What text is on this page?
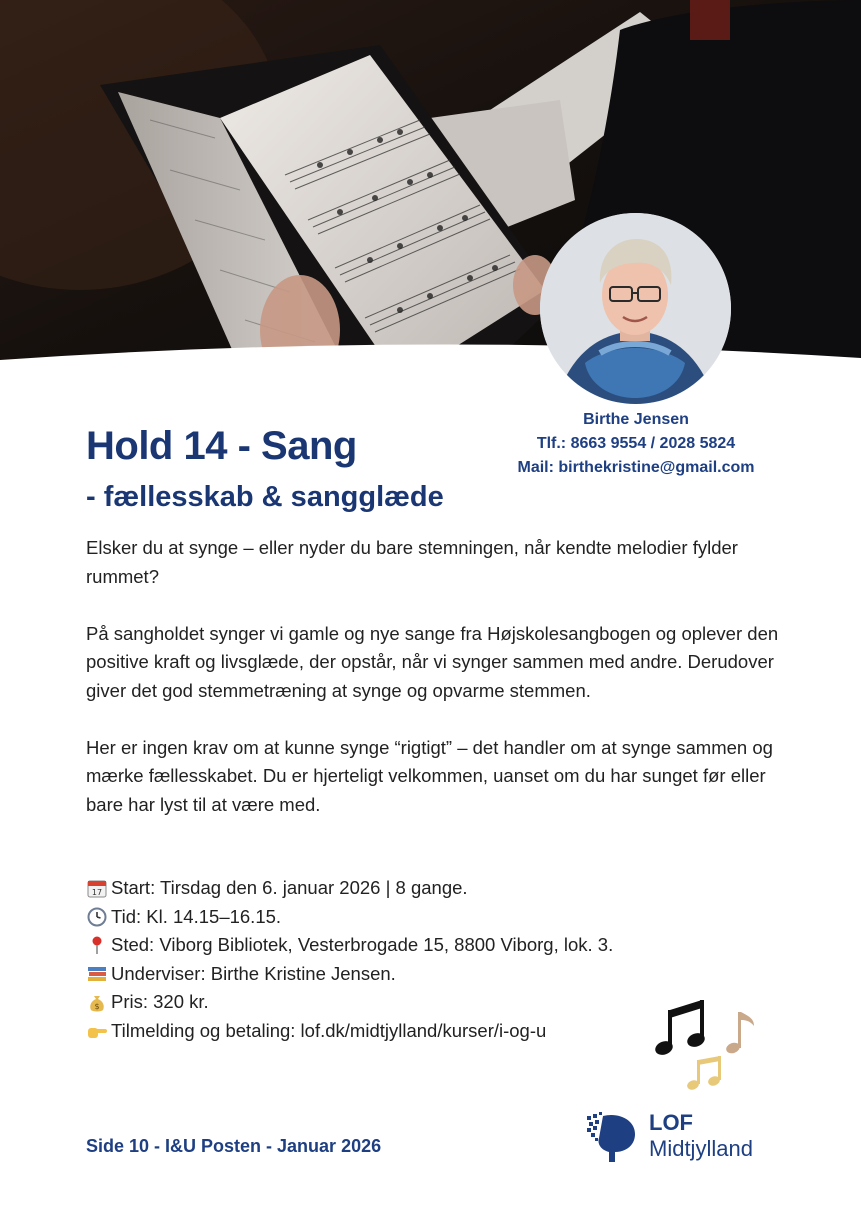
Birthe Jensen
Tlf.: 8663 9554 / 2028 5824
Mail: birthekristine@gmail.com
Hold 14 - Sang
- fællesskab & sangglæde

Elsker du at synge – eller nyder du bare stemningen, når kendte melodier fylder rummet?

På sangholdet synger vi gamle og nye sange fra Højskolesangbogen og oplever den positive kraft og livsglæde, der opstår, når vi synger sammen med andre. Derudover giver det god stemmetræning at synge og opvarme stemmen.

Her er ingen krav om at kunne synge “rigtigt” – det handler om at synge sammen og mærke fællesskabet. Du er hjerteligt velkommen, uanset om du har sunget før eller bare har lyst til at være med.

17 Start: Tirsdag den 6. januar 2026 | 8 gange.
Tid: Kl. 14.15–16.15.
Sted: Viborg Bibliotek, Vesterbrogade 15, 8800 Viborg, lok. 3.
Underviser: Birthe Kristine Jensen.
$ Pris: 320 kr.
Tilmelding og betaling: lof.dk/midtjylland/kurser/i-og-u
Side 10 - I&U Posten - Januar 2026
LOF
Midtjylland
